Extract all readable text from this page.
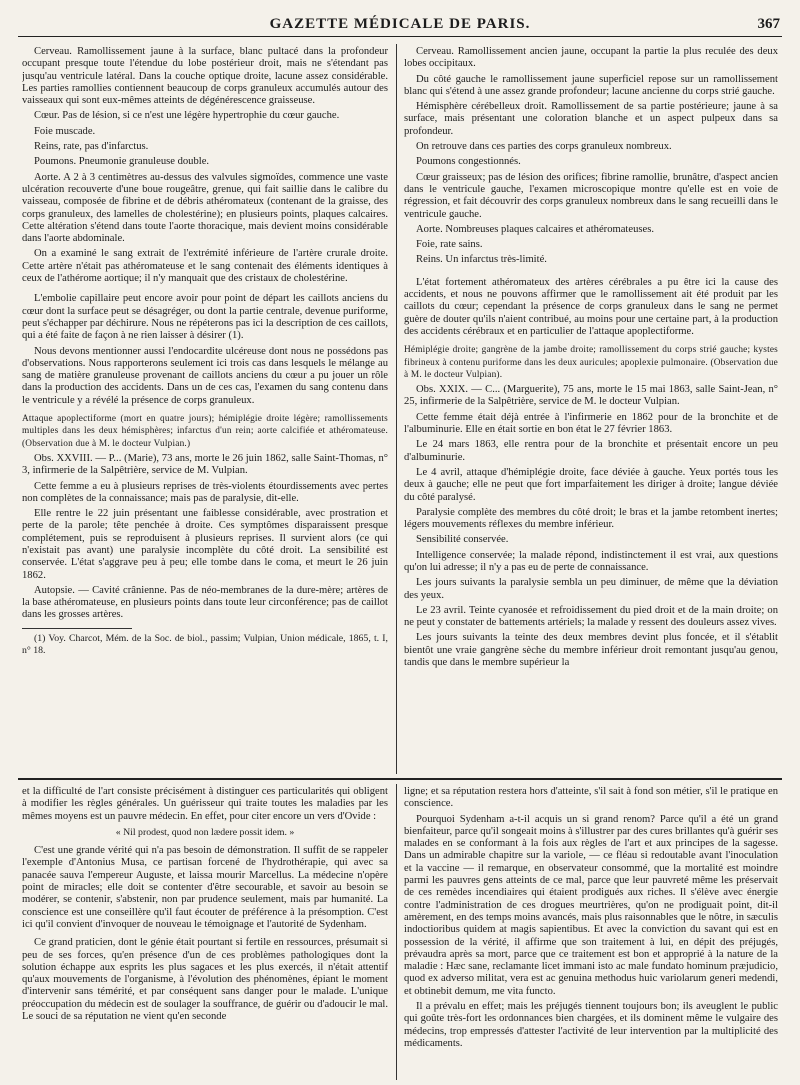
GAZETTE MÉDICALE DE PARIS.	367

Cerveau. Ramollissement jaune à la surface, blanc pultacé dans la profondeur occupant presque toute l'étendue du lobe postérieur droit, mais ne s'étendant pas jusqu'au ventricule latéral. Dans la couche optique droite, lacune assez considérable. Les parties ramollies contiennent beaucoup de corps granuleux accumulés autour des vaisseaux qui sont eux-mêmes atteints de dégénérescence graisseuse.

Cœur. Pas de lésion, si ce n'est une légère hypertrophie du cœur gauche.

Foie muscade.

Reins, rate, pas d'infarctus.

Poumons. Pneumonie granuleuse double.

Aorte. A 2 à 3 centimètres au-dessus des valvules sigmoïdes, commence une vaste ulcération recouverte d'une boue rougeâtre, grenue, qui fait saillie dans le calibre du vaisseau, composée de fibrine et de débris athéromateux (contenant de la graisse, des corps granuleux, des lamelles de cholestérine); en plusieurs points, plaques calcaires. Cette altération s'étend dans toute l'aorte thoracique, mais devient moins considérable dans l'aorte abdominale.

On a examiné le sang extrait de l'extrémité inférieure de l'artère crurale droite. Cette artère n'était pas athéromateuse et le sang contenait des éléments identiques à ceux de l'athérome aortique; il n'y manquait que des cristaux de cholestérine.

L'embolie capillaire peut encore avoir pour point de départ les caillots anciens du cœur dont la surface peut se désagréger, ou dont la partie centrale, devenue puriforme, peut s'échapper par déchirure. Nous ne répéterons pas ici la description de ces caillots, qui a été faite de façon à ne rien laisser à désirer (1).

Nous devons mentionner aussi l'endocardite ulcéreuse dont nous ne possédons pas d'observations. Nous rapporterons seulement ici trois cas dans lesquels le mélange au sang de matière granuleuse provenant de caillots anciens du cœur a pu jouer un rôle dans la production des accidents. Dans un de ces cas, l'examen du sang contenu dans le ventricule y a révélé la présence de corps granuleux.

Attaque apoplectiforme (mort en quatre jours); hémiplégie droite légère; ramollissements multiples dans les deux hémisphères; infarctus d'un rein; aorte calcifiée et athéromateuse. (Observation due à M. le docteur Vulpian.)

Obs. XXVIII. — P... (Marie), 73 ans, morte le 26 juin 1862, salle Saint-Thomas, n° 3, infirmerie de la Salpêtrière, service de M. Vulpian.

Cette femme a eu à plusieurs reprises de très-violents étourdissements avec pertes non complètes de la connaissance; mais pas de paralysie, dit-elle.

Elle rentre le 22 juin présentant une faiblesse considérable, avec prostration et perte de la parole; tête penchée à droite. Ces symptômes disparaissent presque complétement, puis se reproduisent à plusieurs reprises. Il survient alors (ce qui n'existait pas avant) une paralysie incomplète du côté droit. La sensibilité est conservée. L'état s'aggrave peu à peu; elle tombe dans le coma, et meurt le 26 juin 1862.

Autopsie. — Cavité crânienne. Pas de néo-membranes de la dure-mère; artères de la base athéromateuse, en plusieurs points dans toute leur circonférence; pas de caillot dans les grosses artères.

(1) Voy. Charcot, Mém. de la Soc. de biol., passim; Vulpian, Union médicale, 1865, t. I, n° 18.

Cerveau. Ramollissement ancien jaune, occupant la partie la plus reculée des deux lobes occipitaux.

Du côté gauche le ramollissement jaune superficiel repose sur un ramollissement blanc qui s'étend à une assez grande profondeur; lacune ancienne du corps strié gauche.

Hémisphère cérébelleux droit. Ramollissement de sa partie postérieure; jaune à sa surface, mais présentant une coloration blanche et un aspect pulpeux dans sa profondeur.

On retrouve dans ces parties des corps granuleux nombreux.

Poumons congestionnés.

Cœur graisseux; pas de lésion des orifices; fibrine ramollie, brunâtre, d'aspect ancien dans le ventricule gauche, l'examen microscopique montre qu'elle est en voie de régression, et fait découvrir des corps granuleux nombreux dans le sang recueilli dans le ventricule gauche.

Aorte. Nombreuses plaques calcaires et athéromateuses.

Foie, rate sains.

Reins. Un infarctus très-limité.

L'état fortement athéromateux des artères cérébrales a pu être ici la cause des accidents, et nous ne pouvons affirmer que le ramollissement ait été produit par les caillots du cœur; cependant la présence de corps granuleux dans le sang ne permet guère de douter qu'ils n'aient contribué, au moins pour une certaine part, à la production des accidents cérébraux et en particulier de l'attaque apoplectiforme.

Hémiplégie droite; gangrène de la jambe droite; ramollissement du corps strié gauche; kystes fibrineux à contenu puriforme dans les deux auricules; apoplexie pulmonaire. (Observation due à M. le docteur Vulpian).

Obs. XXIX. — C... (Marguerite), 75 ans, morte le 15 mai 1863, salle Saint-Jean, n° 25, infirmerie de la Salpêtrière, service de M. le docteur Vulpian.

Cette femme était déjà entrée à l'infirmerie en 1862 pour de la bronchite et de l'albuminurie. Elle en était sortie en bon état le 27 février 1863.

Le 24 mars 1863, elle rentra pour de la bronchite et présentait encore un peu d'albuminurie.

Le 4 avril, attaque d'hémiplégie droite, face déviée à gauche. Yeux portés tous les deux à gauche; elle ne peut que fort imparfaitement les diriger à droite; langue déviée du côté paralysé.

Paralysie complète des membres du côté droit; le bras et la jambe retombent inertes; légers mouvements réflexes du membre inférieur.

Sensibilité conservée.

Intelligence conservée; la malade répond, indistinctement il est vrai, aux questions qu'on lui adresse; il n'y a pas eu de perte de connaissance.

Les jours suivants la paralysie sembla un peu diminuer, de même que la déviation des yeux.

Le 23 avril. Teinte cyanosée et refroidissement du pied droit et de la main droite; on ne peut y constater de battements artériels; la malade y ressent des douleurs assez vives.

Les jours suivants la teinte des deux membres devint plus foncée, et il s'établit bientôt une vraie gangrène sèche du membre inférieur droit remontant jusqu'au genou, tandis que dans le membre supérieur la

et la difficulté de l'art consiste précisément à distinguer ces particularités qui obligent à modifier les règles générales. Un guérisseur qui traite toutes les maladies par les mêmes moyens est un pauvre médecin. En effet, pour citer encore un vers d'Ovide :

« Nil prodest, quod non lædere possit idem. »

C'est une grande vérité qui n'a pas besoin de démonstration. Il suffit de se rappeler l'exemple d'Antonius Musa, ce partisan forcené de l'hydrothérapie, qui avec sa panacée sauva l'empereur Auguste, et laissa mourir Marcellus. La médecine n'opère point de miracles; elle doit se contenter d'être secourable, et savoir au besoin se modérer, se contenir, s'abstenir, non par prudence seulement, mais par humanité. La conscience est une conseillère qu'il faut écouter de préférence à la présomption. C'est ici qu'il convient d'invoquer de nouveau le témoignage et l'autorité de Sydenham.

Ce grand praticien, dont le génie était pourtant si fertile en ressources, présumait si peu de ses forces, qu'en présence d'un de ces problèmes pathologiques dont la solution échappe aux esprits les plus sagaces et les plus exercés, il n'était attentif qu'aux mouvements de l'organisme, à l'évolution des phénomènes, épiant le moment d'intervenir sans témérité, et par conséquent sans danger pour le malade. L'unique préoccupation du médecin est de soulager la souffrance, de guérir ou d'adoucir le mal. Le souci de sa réputation ne vient qu'en seconde

ligne; et sa réputation restera hors d'atteinte, s'il sait à fond son métier, s'il le pratique en conscience.

Pourquoi Sydenham a-t-il acquis un si grand renom? Parce qu'il a été un grand bienfaiteur, parce qu'il songeait moins à s'illustrer par des cures brillantes qu'à guérir ses malades en se conformant à la fois aux règles de l'art et aux principes de la sagesse. Dans un admirable chapitre sur la variole, — ce fléau si redoutable avant l'inoculation et la vaccine — il remarque, en observateur consommé, que la mortalité est moindre parmi les pauvres gens atteints de ce mal, parce que leur pauvreté même les préservait de ces remèdes incendiaires qui étaient prodigués aux riches. Il s'élève avec énergie contre l'administration de ces drogues meurtrières, qu'on ne prodiguait point, dit-il amèrement, en des temps moins avancés, mais plus raisonnables que le nôtre, in sæculis indoctioribus quidem at magis sapientibus. Et avec la conviction du savant qui est en possession de la vérité, il affirme que son traitement à lui, en dépit des préjugés, prévaudra après sa mort, parce que ce traitement est bon et approprié à la nature de la maladie : Hæc sane, reclamante licet immani isto ac male fundato hominum præjudicio, quod ex adverso militat, vera est ac genuina methodus huic variolarum generi medendi, et obtinebit demum, me vita functo.

Il a prévalu en effet; mais les préjugés tiennent toujours bon; ils aveuglent le public qui goûte très-fort les ordonnances bien chargées, et ils dominent même le vulgaire des médecins, trop empressés d'attester l'activité de leur intervention par la multiplicité des médicaments.
